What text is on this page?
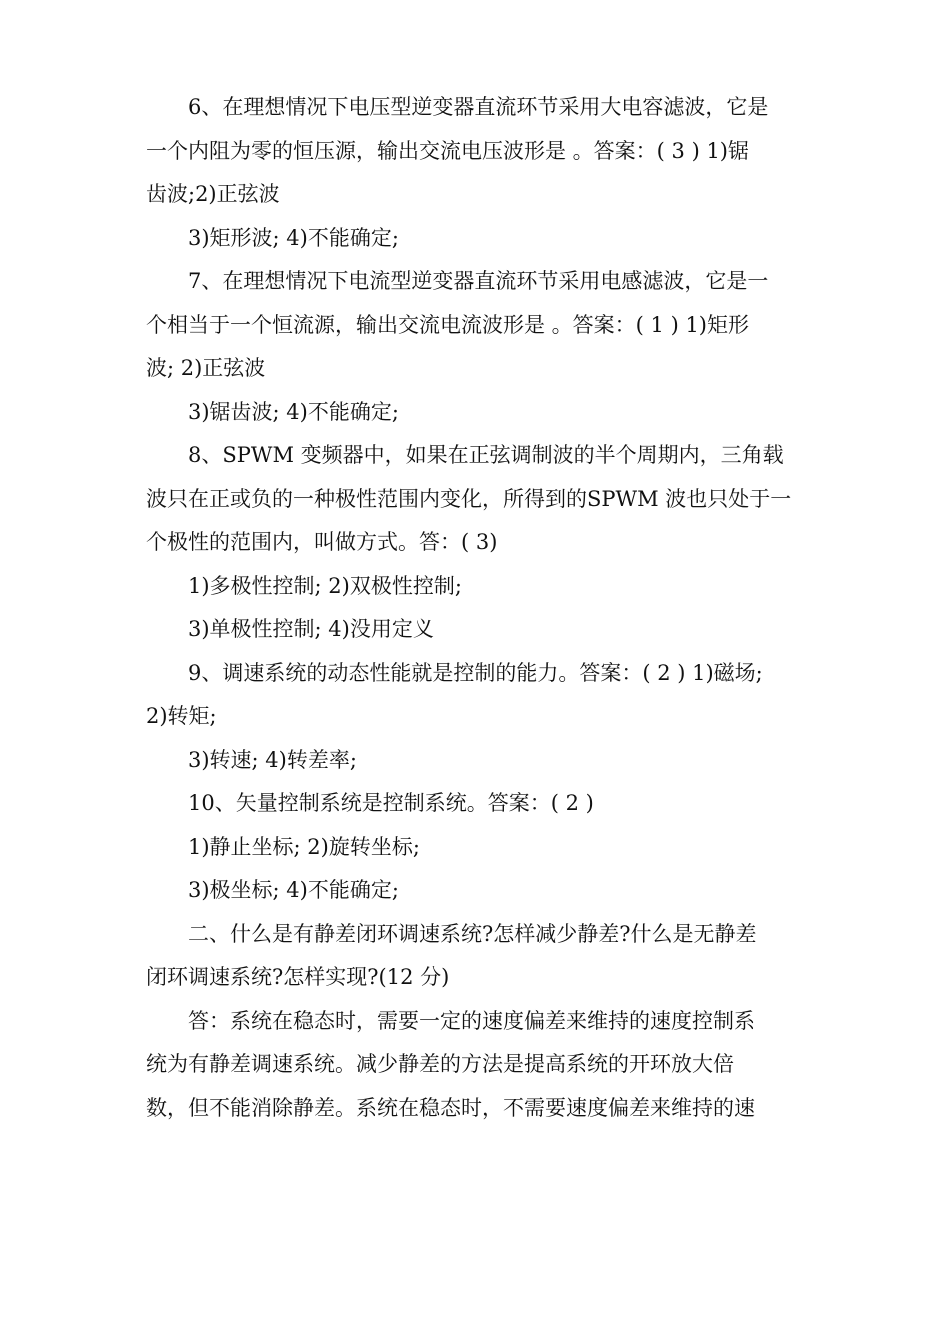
6、在理想情况下电压型逆变器直流环节采用大电容滤波，它是
一个内阻为零的恒压源，输出交流电压波形是 。答案：( 3 ) 1)锯
齿波;2)正弦波
3)矩形波; 4)不能确定;
7、在理想情况下电流型逆变器直流环节采用电感滤波，它是一
个相当于一个恒流源，输出交流电流波形是 。答案：( 1 ) 1)矩形
波; 2)正弦波
3)锯齿波; 4)不能确定;
8、SPWM 变频器中，如果在正弦调制波的半个周期内，三角载
波只在正或负的一种极性范围内变化，所得到的SPWM 波也只处于一
个极性的范围内，叫做方式。答：( 3)
1)多极性控制; 2)双极性控制;
3)单极性控制; 4)没用定义
9、调速系统的动态性能就是控制的能力。答案：( 2 ) 1)磁场;
2)转矩;
3)转速; 4)转差率;
10、矢量控制系统是控制系统。答案：( 2 )
1)静止坐标; 2)旋转坐标;
3)极坐标; 4)不能确定;
二、什么是有静差闭环调速系统?怎样减少静差?什么是无静差
闭环调速系统?怎样实现?(12 分)
答：系统在稳态时，需要一定的速度偏差来维持的速度控制系
统为有静差调速系统。减少静差的方法是提高系统的开环放大倍
数，但不能消除静差。系统在稳态时，不需要速度偏差来维持的速
